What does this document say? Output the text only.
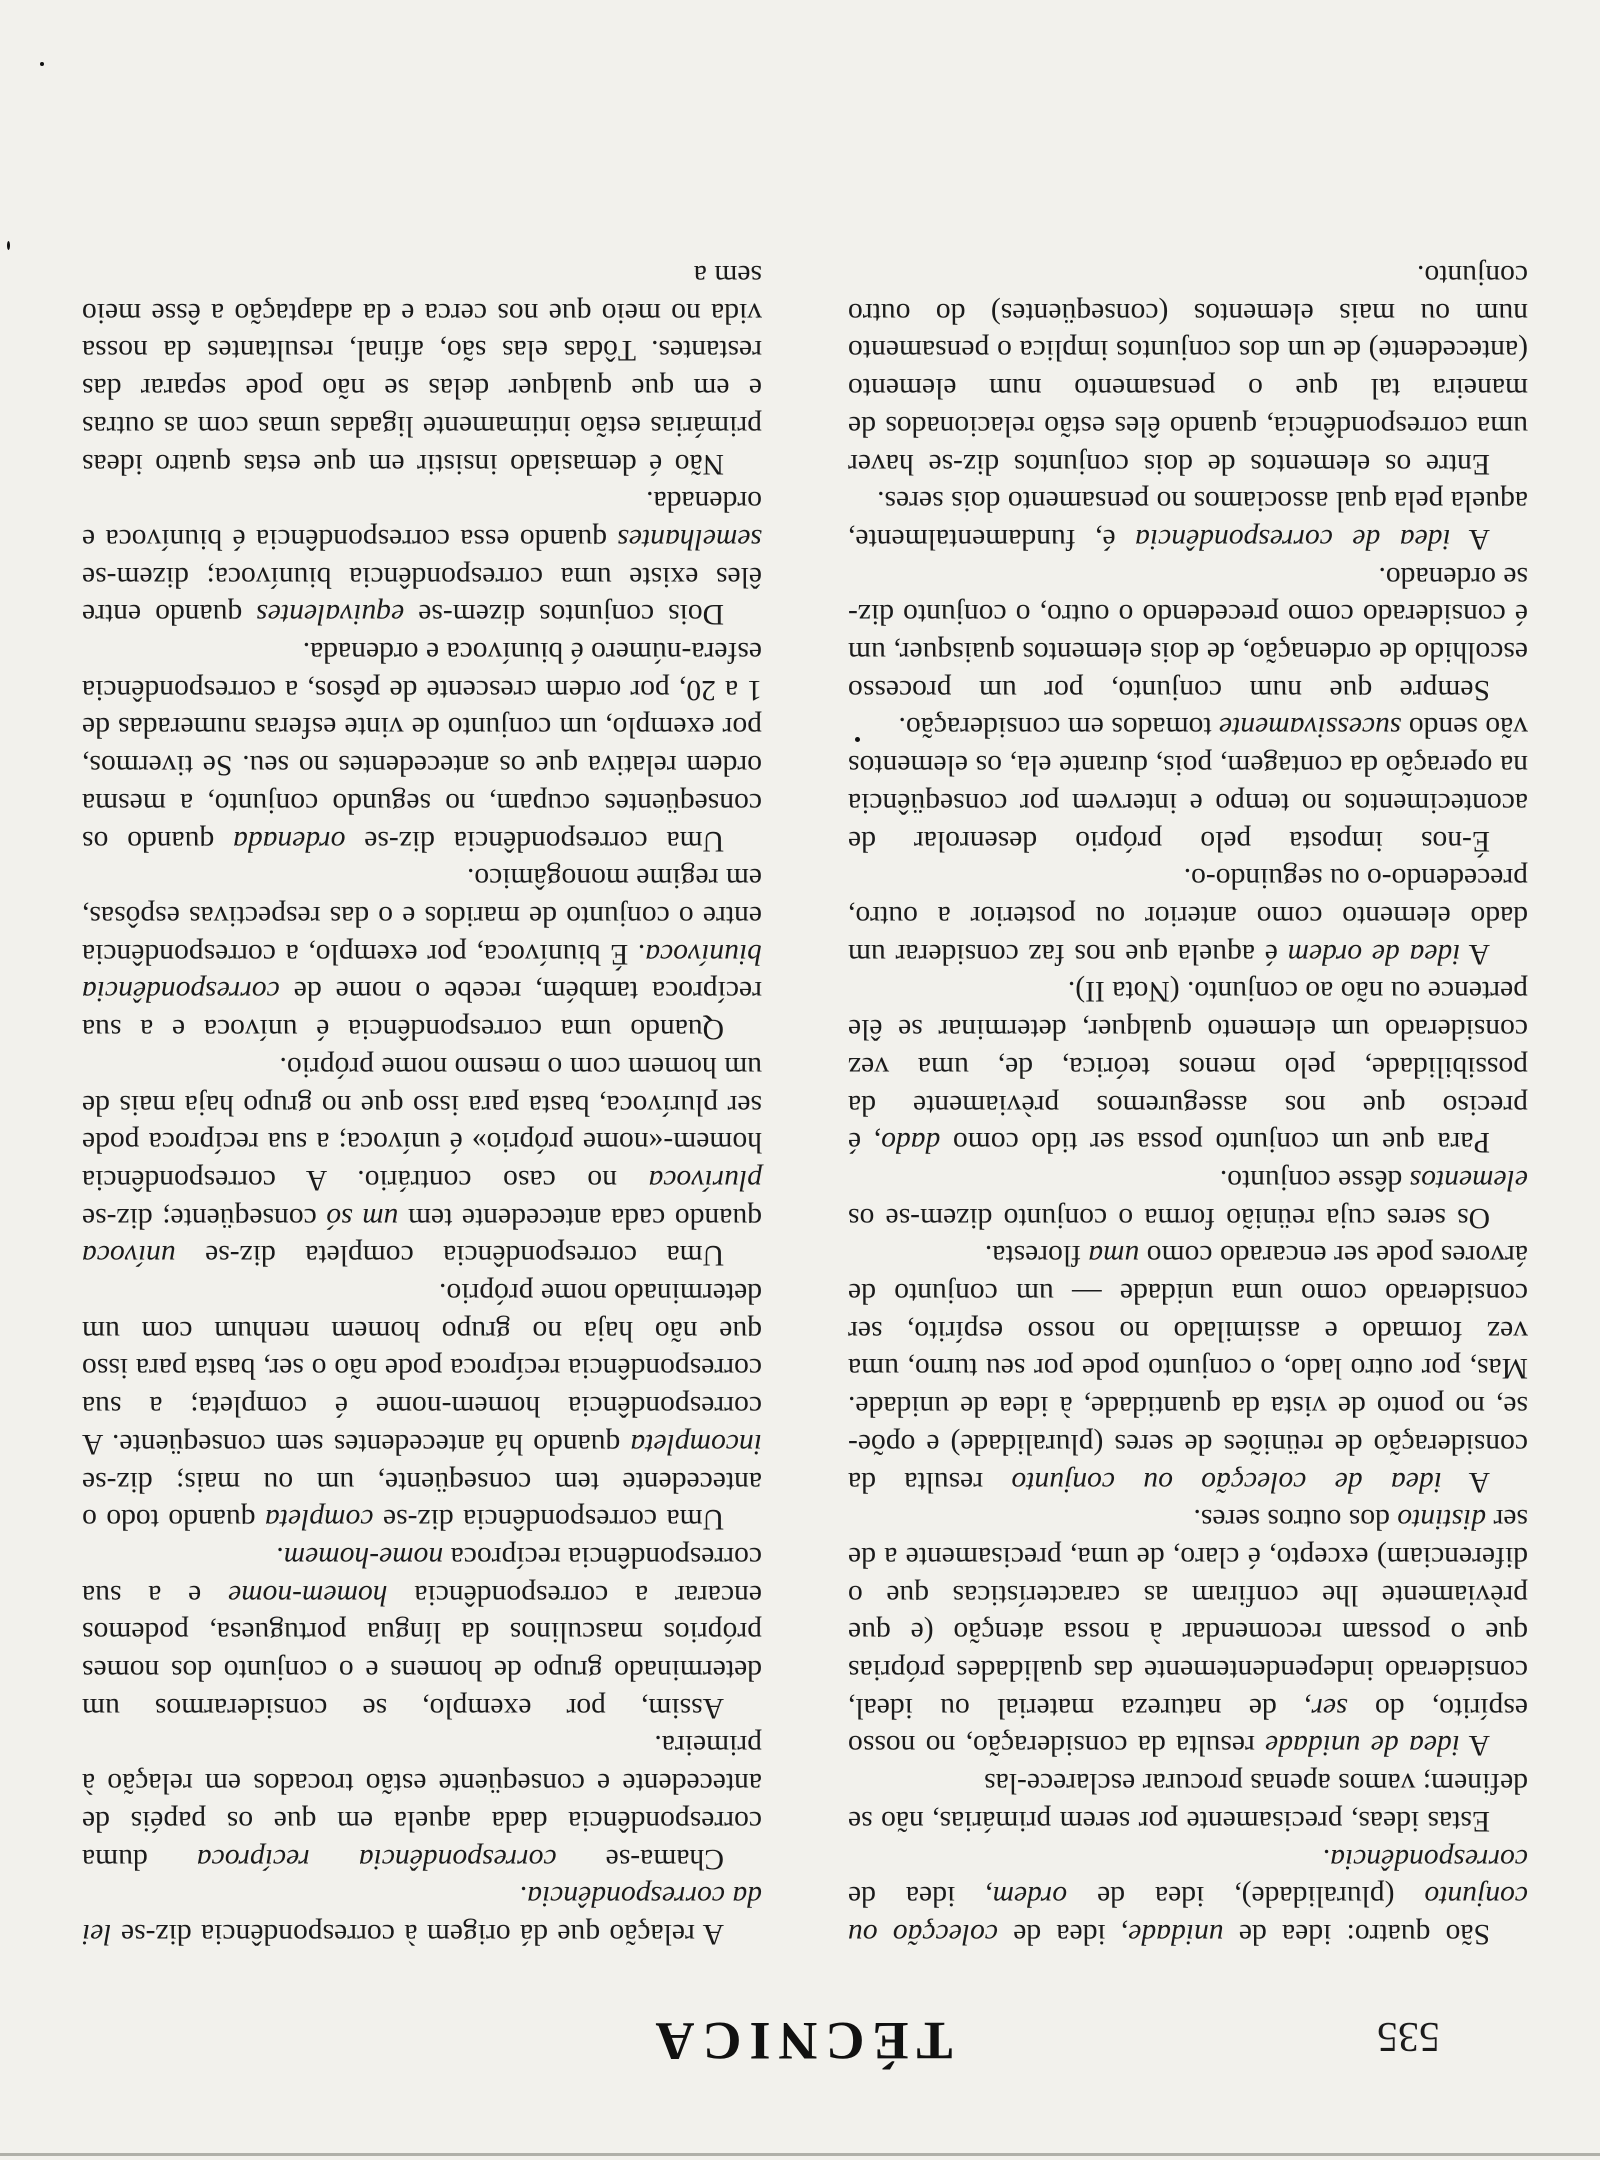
TÉCNICA	535

São quatro: idea de unidade, idea de colecção ou conjunto (pluralidade), idea de ordem, idea de correspondência.

Estas ideas, precisamente por serem primárias, não se definem; vamos apenas procurar esclarece-las

A idea de unidade resulta da consideração, no nosso espírito, do ser, de natureza material ou ideal, considerado independentemente das qualidades próprias que o possam recomendar à nossa atenção (e que prèviamente lhe confiram as características que o diferenciam) excepto, é claro, de uma, precisamente a de ser distinto dos outros seres.

A idea de colecção ou conjunto resulta da consideração de reüniões de seres (pluralidade) e opõe-se, no ponto de vista da quantidade, à idea de unidade. Mas, por outro lado, o conjunto pode por seu turno, uma vez formado e assimilado no nosso espírito, ser considerado como uma unidade — um conjunto de árvores pode ser encarado como uma floresta.

Os seres cuja reünião forma o conjunto dizem-se os elementos dêsse conjunto.

Para que um conjunto possa ser tido como dado, é preciso que nos asseguremos prèviamente da possibilidade, pelo menos teórica, de, uma vez considerado um elemento qualquer, determinar se êle pertence ou não ao conjunto. (Nota II).

A idea de ordem é aquela que nos faz considerar um dado elemento como anterior ou posterior a outro, precedendo-o ou seguindo-o.

É-nos imposta pelo próprio desenrolar de acontecimentos no tempo e intervem por conseqüência na operação da contagem, pois, durante ela, os elementos vão sendo sucessivamente tomados em consideração.

Sempre que num conjunto, por um processo escolhido de ordenação, de dois elementos quaisquer, um é considerado como precedendo o outro, o conjunto diz-se ordenado.

A idea de correspondência é, fundamentalmente, aquela pela qual associamos no pensamento dois seres.

Entre os elementos de dois conjuntos diz-se haver uma correspondência, quando êles estão relacionados de maneira tal que o pensamento num elemento (antecedente) de um dos conjuntos implica o pensamento num ou mais elementos (conseqüentes) do outro conjunto.

A relação que dá origem à correspondência diz-se lei da correspondência.

Chama-se correspondência recíproca duma correspondência dada aquela em que os papéis de antecedente e conseqüente estão trocados em relação à primeira.

Assim, por exemplo, se considerarmos um determinado grupo de homens e o conjunto dos nomes próprios masculinos da língua portuguesa, podemos encarar a correspondência homem-nome e a sua correspondência recíproca nome-homem.

Uma correspondência diz-se completa quando todo o antecedente tem conseqüente, um ou mais; diz-se incompleta quando há antecedentes sem conseqüente. A correspondência homem-nome é completa; a sua correspondência recíproca pode não o ser, basta para isso que não haja no grupo homem nenhum com um determinado nome próprio.

Uma correspondência completa diz-se unívoca quando cada antecedente tem um só conseqüente; diz-se plurívoca no caso contrário. A correspondência homem-«nome próprio» é unívoca; a sua recíproca pode ser plurívoca, basta para isso que no grupo haja mais de um homem com o mesmo nome próprio.

Quando uma correspondência é unívoca e a sua recíproca também, recebe o nome de correspondência biunívoca. É biunívoca, por exemplo, a correspondência entre o conjunto de maridos e o das respectivas espôsas, em regime monogâmico.

Uma correspondência diz-se ordenada quando os conseqüentes ocupam, no segundo conjunto, a mesma ordem relativa que os antecedentes no seu. Se tivermos, por exemplo, um conjunto de vinte esferas numeradas de 1 a 20, por ordem crescente de pêsos, a correspondência esfera-número é biunívoca e ordenada.

Dois conjuntos dizem-se equivalentes quando entre êles existe uma correspondência biunívoca; dizem-se semelhantes quando essa correspondência é biunívoca e ordenada.

Não é demasiado insistir em que estas quatro ideas primárias estão intimamente ligadas umas com as outras e em que qualquer delas se não pode separar das restantes. Tôdas elas são, afinal, resultantes da nossa vida no meio que nos cerca e da adaptação a êsse meio sem a
